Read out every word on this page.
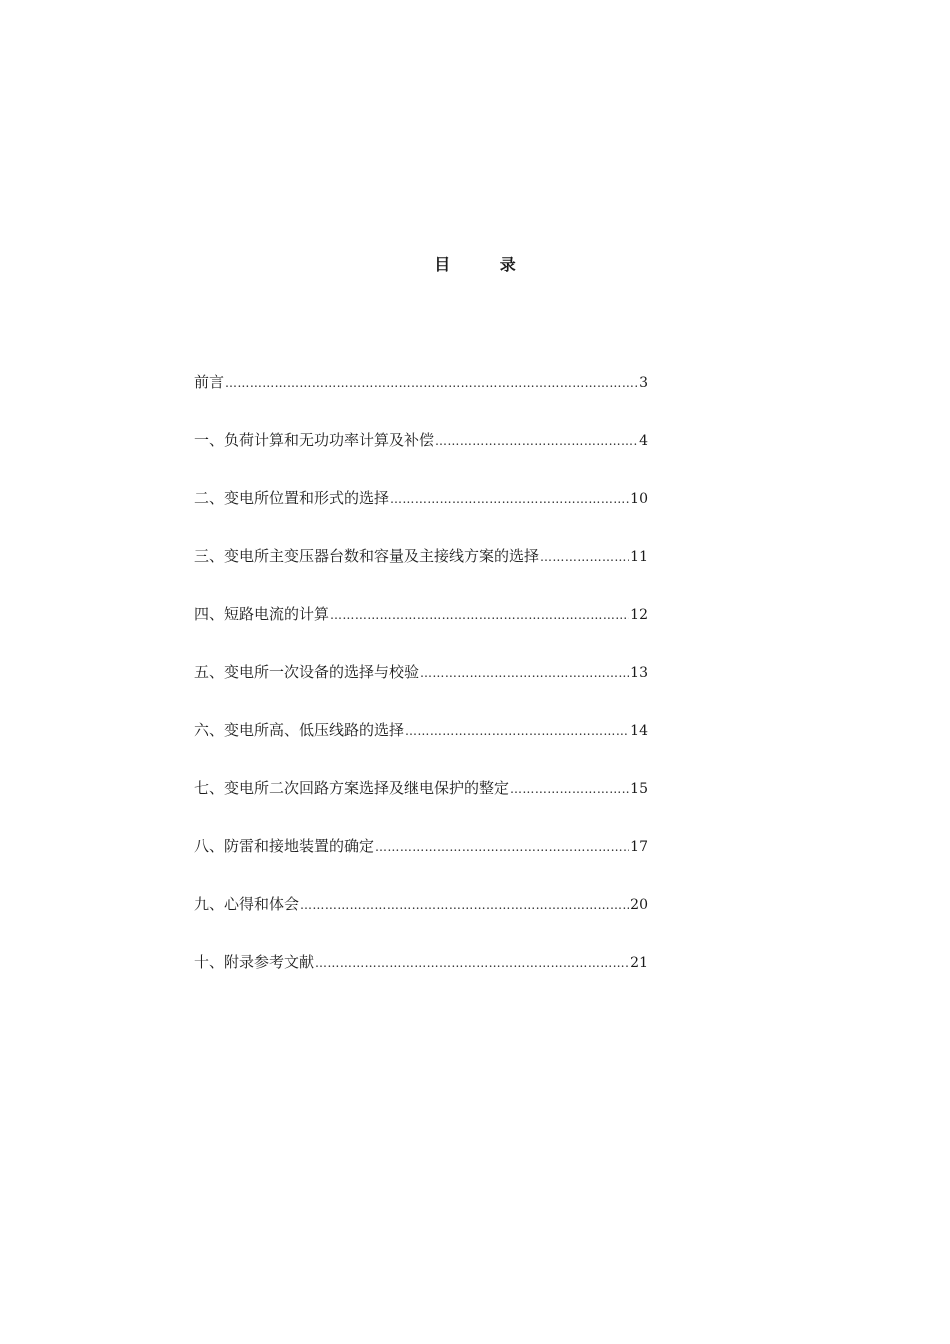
目 录
前言 ……………………………………………………………………………………………………………………………………………………	3
一、负荷计算和无功功率计算及补偿 ……………………………………………………………………………………………………………………………………………………	4
二、变电所位置和形式的选择 ……………………………………………………………………………………………………………………………………………………	10
三、变电所主变压器台数和容量及主接线方案的选择 ……………………………………………………………………………………………………………………………………………………	11
四、短路电流的计算 ……………………………………………………………………………………………………………………………………………………	12
五、变电所一次设备的选择与校验 ……………………………………………………………………………………………………………………………………………………	13
六、变电所高、低压线路的选择 ……………………………………………………………………………………………………………………………………………………	14
七、变电所二次回路方案选择及继电保护的整定 ……………………………………………………………………………………………………………………………………………………	15
八、防雷和接地装置的确定 ……………………………………………………………………………………………………………………………………………………	17
九、心得和体会 ……………………………………………………………………………………………………………………………………………………	20
十、附录参考文献 ……………………………………………………………………………………………………………………………………………………	21
